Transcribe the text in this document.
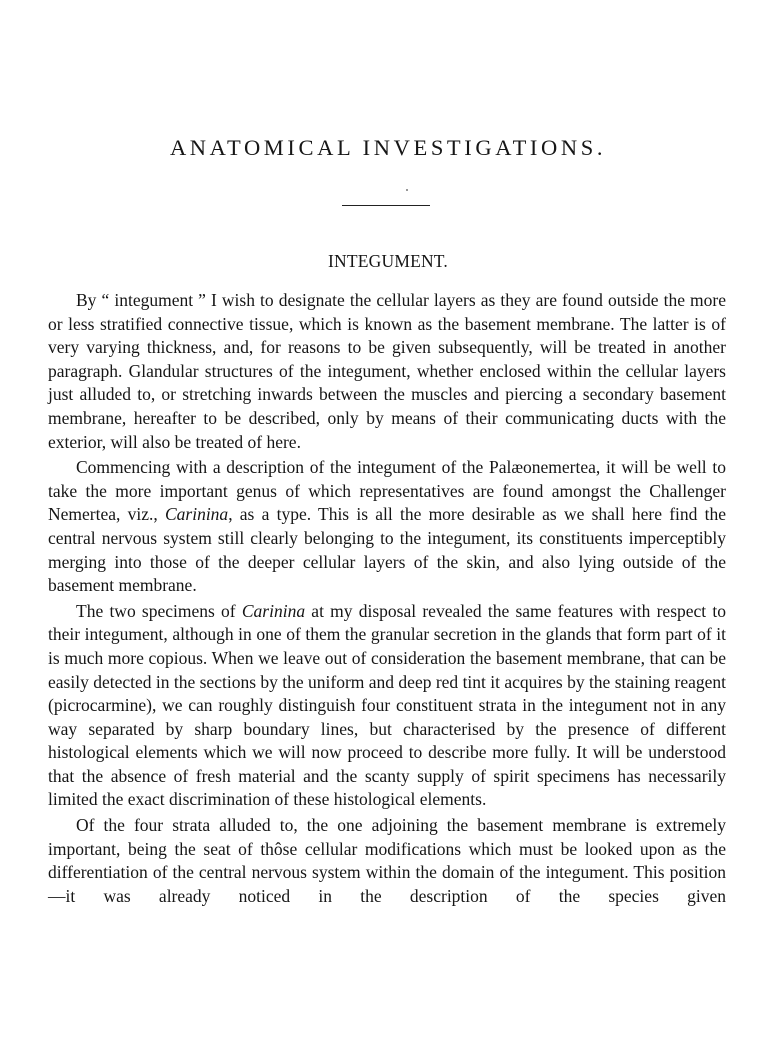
ANATOMICAL INVESTIGATIONS.
INTEGUMENT.

By “ integument ” I wish to designate the cellular layers as they are found outside the more or less stratified connective tissue, which is known as the basement membrane. The latter is of very varying thickness, and, for reasons to be given subsequently, will be treated in another paragraph. Glandular structures of the integument, whether enclosed within the cellular layers just alluded to, or stretching inwards between the muscles and piercing a secondary basement membrane, hereafter to be described, only by means of their communicating ducts with the exterior, will also be treated of here.

Commencing with a description of the integument of the Palæonemertea, it will be well to take the more important genus of which representatives are found amongst the Challenger Nemertea, viz., Carinina, as a type. This is all the more desirable as we shall here find the central nervous system still clearly belonging to the integument, its constituents imperceptibly merging into those of the deeper cellular layers of the skin, and also lying outside of the basement membrane.

The two specimens of Carinina at my disposal revealed the same features with respect to their integument, although in one of them the granular secretion in the glands that form part of it is much more copious. When we leave out of consideration the basement membrane, that can be easily detected in the sections by the uniform and deep red tint it acquires by the staining reagent (picrocarmine), we can roughly distinguish four constituent strata in the integument not in any way separated by sharp boundary lines, but characterised by the presence of different histological elements which we will now proceed to describe more fully. It will be understood that the absence of fresh material and the scanty supply of spirit specimens has necessarily limited the exact discrimination of these histological elements.

Of the four strata alluded to, the one adjoining the basement membrane is extremely important, being the seat of thôse cellular modifications which must be looked upon as the differentiation of the central nervous system within the domain of the integument. This position—it was already noticed in the description of the species given
